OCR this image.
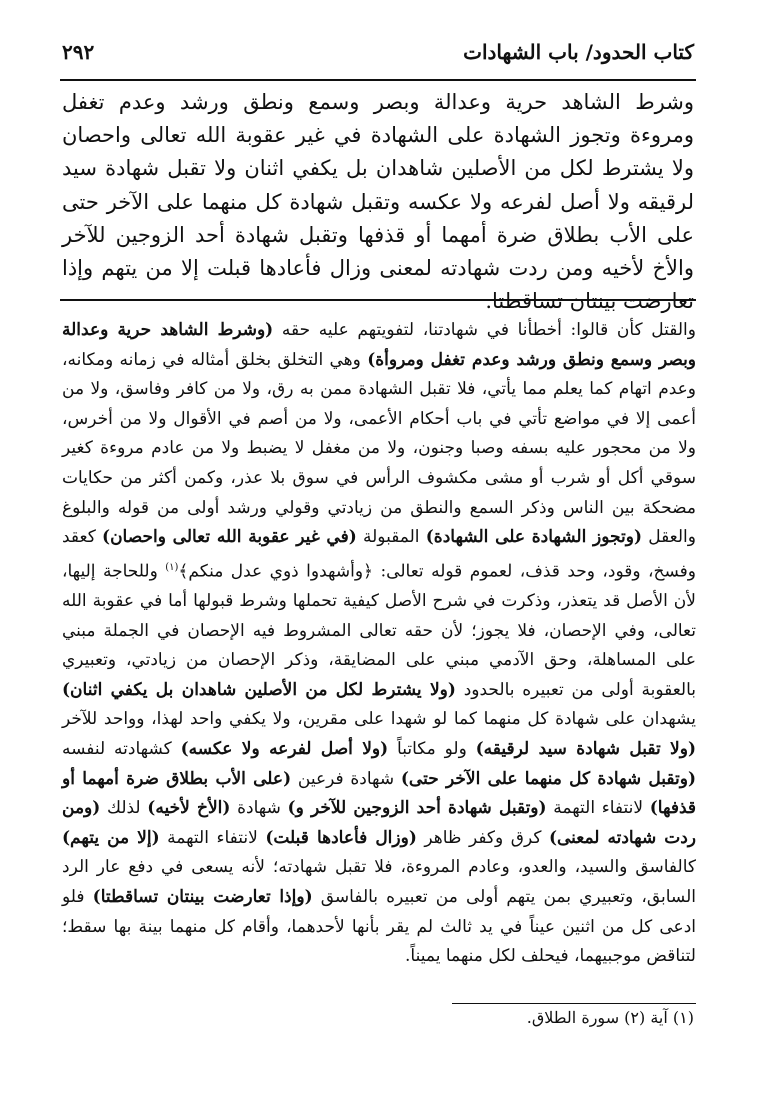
كتاب الحدود/ باب الشهادات
٢٩٢

وشرط الشاهد حرية وعدالة وبصر وسمع ونطق ورشد وعدم تغفل ومروءة وتجوز الشهادة على الشهادة في غير عقوبة الله تعالى واحصان ولا يشترط لكل من الأصلين شاهدان بل يكفي اثنان ولا تقبل شهادة سيد لرقيقه ولا أصل لفرعه ولا عكسه وتقبل شهادة كل منهما على الآخر حتى على الأب بطلاق ضرة أمهما أو قذفها وتقبل شهادة أحد الزوجين للآخر والأخ لأخيه ومن ردت شهادته لمعنى وزال فأعادها قبلت إلا من يتهم وإذا تعارضت بينتان تساقطتا.

والقتل كأن قالوا: أخطأنا في شهادتنا، لتفويتهم عليه حقه (وشرط الشاهد حرية وعدالة وبصر وسمع ونطق ورشد وعدم تغفل ومروأة) وهي التخلق بخلق أمثاله في زمانه ومكانه، وعدم اتهام كما يعلم مما يأتي، فلا تقبل الشهادة ممن به رق، ولا من كافر وفاسق، ولا من أعمى إلا في مواضع تأتي في باب أحكام الأعمى، ولا من أصم في الأقوال ولا من أخرس، ولا من محجور عليه بسفه وصبا وجنون، ولا من مغفل لا يضبط ولا من عادم مروءة كغير سوقي أكل أو شرب أو مشى مكشوف الرأس في سوق بلا عذر، وكمن أكثر من حكايات مضحكة بين الناس وذكر السمع والنطق من زيادتي وقولي ورشد أولى من قوله والبلوغ والعقل (وتجوز الشهادة على الشهادة) المقبولة (في غير عقوبة الله تعالى واحصان) كعقد وفسخ، وقود، وحد قذف، لعموم قوله تعالى: ﴿وأشهدوا ذوي عدل منكم﴾$^{(١)}$ وللحاجة إليها، لأن الأصل قد يتعذر، وذكرت في شرح الأصل كيفية تحملها وشرط قبولها أما في عقوبة الله تعالى، وفي الإحصان، فلا يجوز؛ لأن حقه تعالى المشروط فيه الإحصان في الجملة مبني على المساهلة، وحق الآدمي مبني على المضايقة، وذكر الإحصان من زيادتي، وتعبيري بالعقوبة أولى من تعبيره بالحدود (ولا يشترط لكل من الأصلين شاهدان بل يكفي اثنان) يشهدان على شهادة كل منهما كما لو شهدا على مقرين، ولا يكفي واحد لهذا، وواحد للآخر (ولا تقبل شهادة سيد لرقيقه) ولو مكاتباً (ولا أصل لفرعه ولا عكسه) كشهادته لنفسه (وتقبل شهادة كل منهما على الآخر حتى) شهادة فرعين (على الأب بطلاق ضرة أمهما أو قذفها) لانتفاء التهمة (وتقبل شهادة أحد الزوجين للآخر و) شهادة (الأخ لأخيه) لذلك (ومن ردت شهادته لمعنى) كرق وكفر ظاهر (وزال فأعادها قبلت) لانتفاء التهمة (إلا من يتهم) كالفاسق والسيد، والعدو، وعادم المروءة، فلا تقبل شهادته؛ لأنه يسعى في دفع عار الرد السابق، وتعبيري بمن يتهم أولى من تعبيره بالفاسق (وإذا تعارضت بينتان تساقطتا) فلو ادعى كل من اثنين عيناً في يد ثالث لم يقر بأنها لأحدهما، وأقام كل منهما بينة بها سقط؛ لتناقض موجبيهما، فيحلف لكل منهما يميناً.

(١) آية (٢) سورة الطلاق.
